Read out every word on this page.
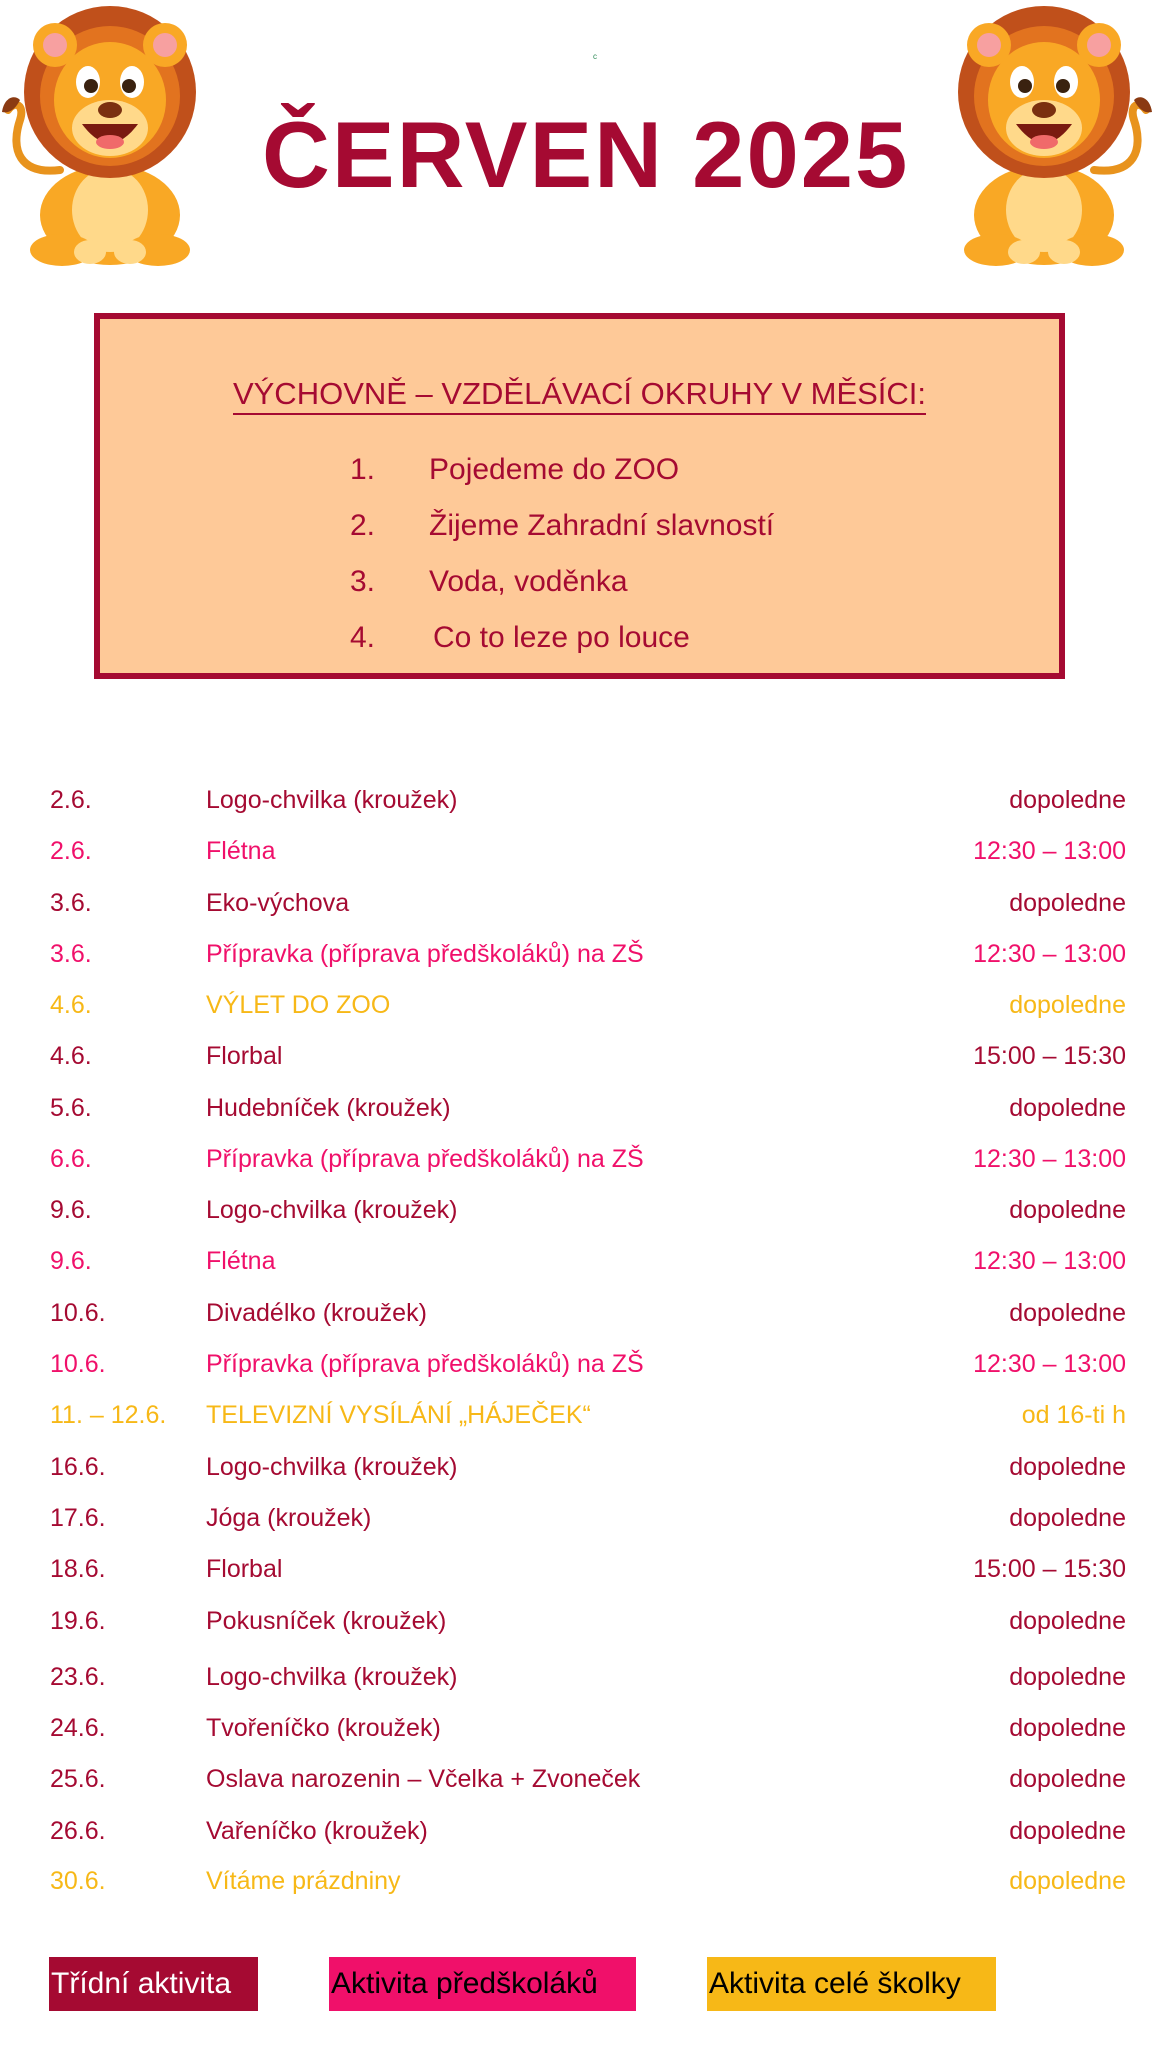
c
ČERVEN 2025
VÝCHOVNĚ – VZDĚLÁVACÍ OKRUHY V MĚSÍCI:
1. Pojedeme do ZOO
2. Žijeme Zahradní slavností
3. Voda, voděnka
4. Co to leze po louce
2.6.	Logo-chvilka (kroužek)	dopoledne
2.6.	Flétna	12:30 – 13:00
3.6.	Eko-výchova	dopoledne
3.6.	Přípravka (příprava předškoláků) na ZŠ	12:30 – 13:00
4.6.	VÝLET DO ZOO	dopoledne
4.6.	Florbal	15:00 – 15:30
5.6.	Hudebníček (kroužek)	dopoledne
6.6.	Přípravka (příprava předškoláků) na ZŠ	12:30 – 13:00
9.6.	Logo-chvilka (kroužek)	dopoledne
9.6.	Flétna	12:30 – 13:00
10.6.	Divadélko (kroužek)	dopoledne
10.6.	Přípravka (příprava předškoláků) na ZŠ	12:30 – 13:00
11. – 12.6. TELEVIZNÍ VYSÍLÁNÍ „HÁJEČEK“	od 16-ti h
16.6.	Logo-chvilka (kroužek)	dopoledne
17.6.	Jóga (kroužek)	dopoledne
18.6.	Florbal	15:00 – 15:30
19.6.	Pokusníček (kroužek)	dopoledne
23.6.	Logo-chvilka (kroužek)	dopoledne
24.6.	Tvořeníčko (kroužek)	dopoledne
25.6.	Oslava narozenin – Včelka + Zvoneček	dopoledne
26.6.	Vařeníčko (kroužek)	dopoledne
30.6.	Vítáme prázdniny	dopoledne
Třídní aktivita	Aktivita předškoláků	Aktivita celé školky
